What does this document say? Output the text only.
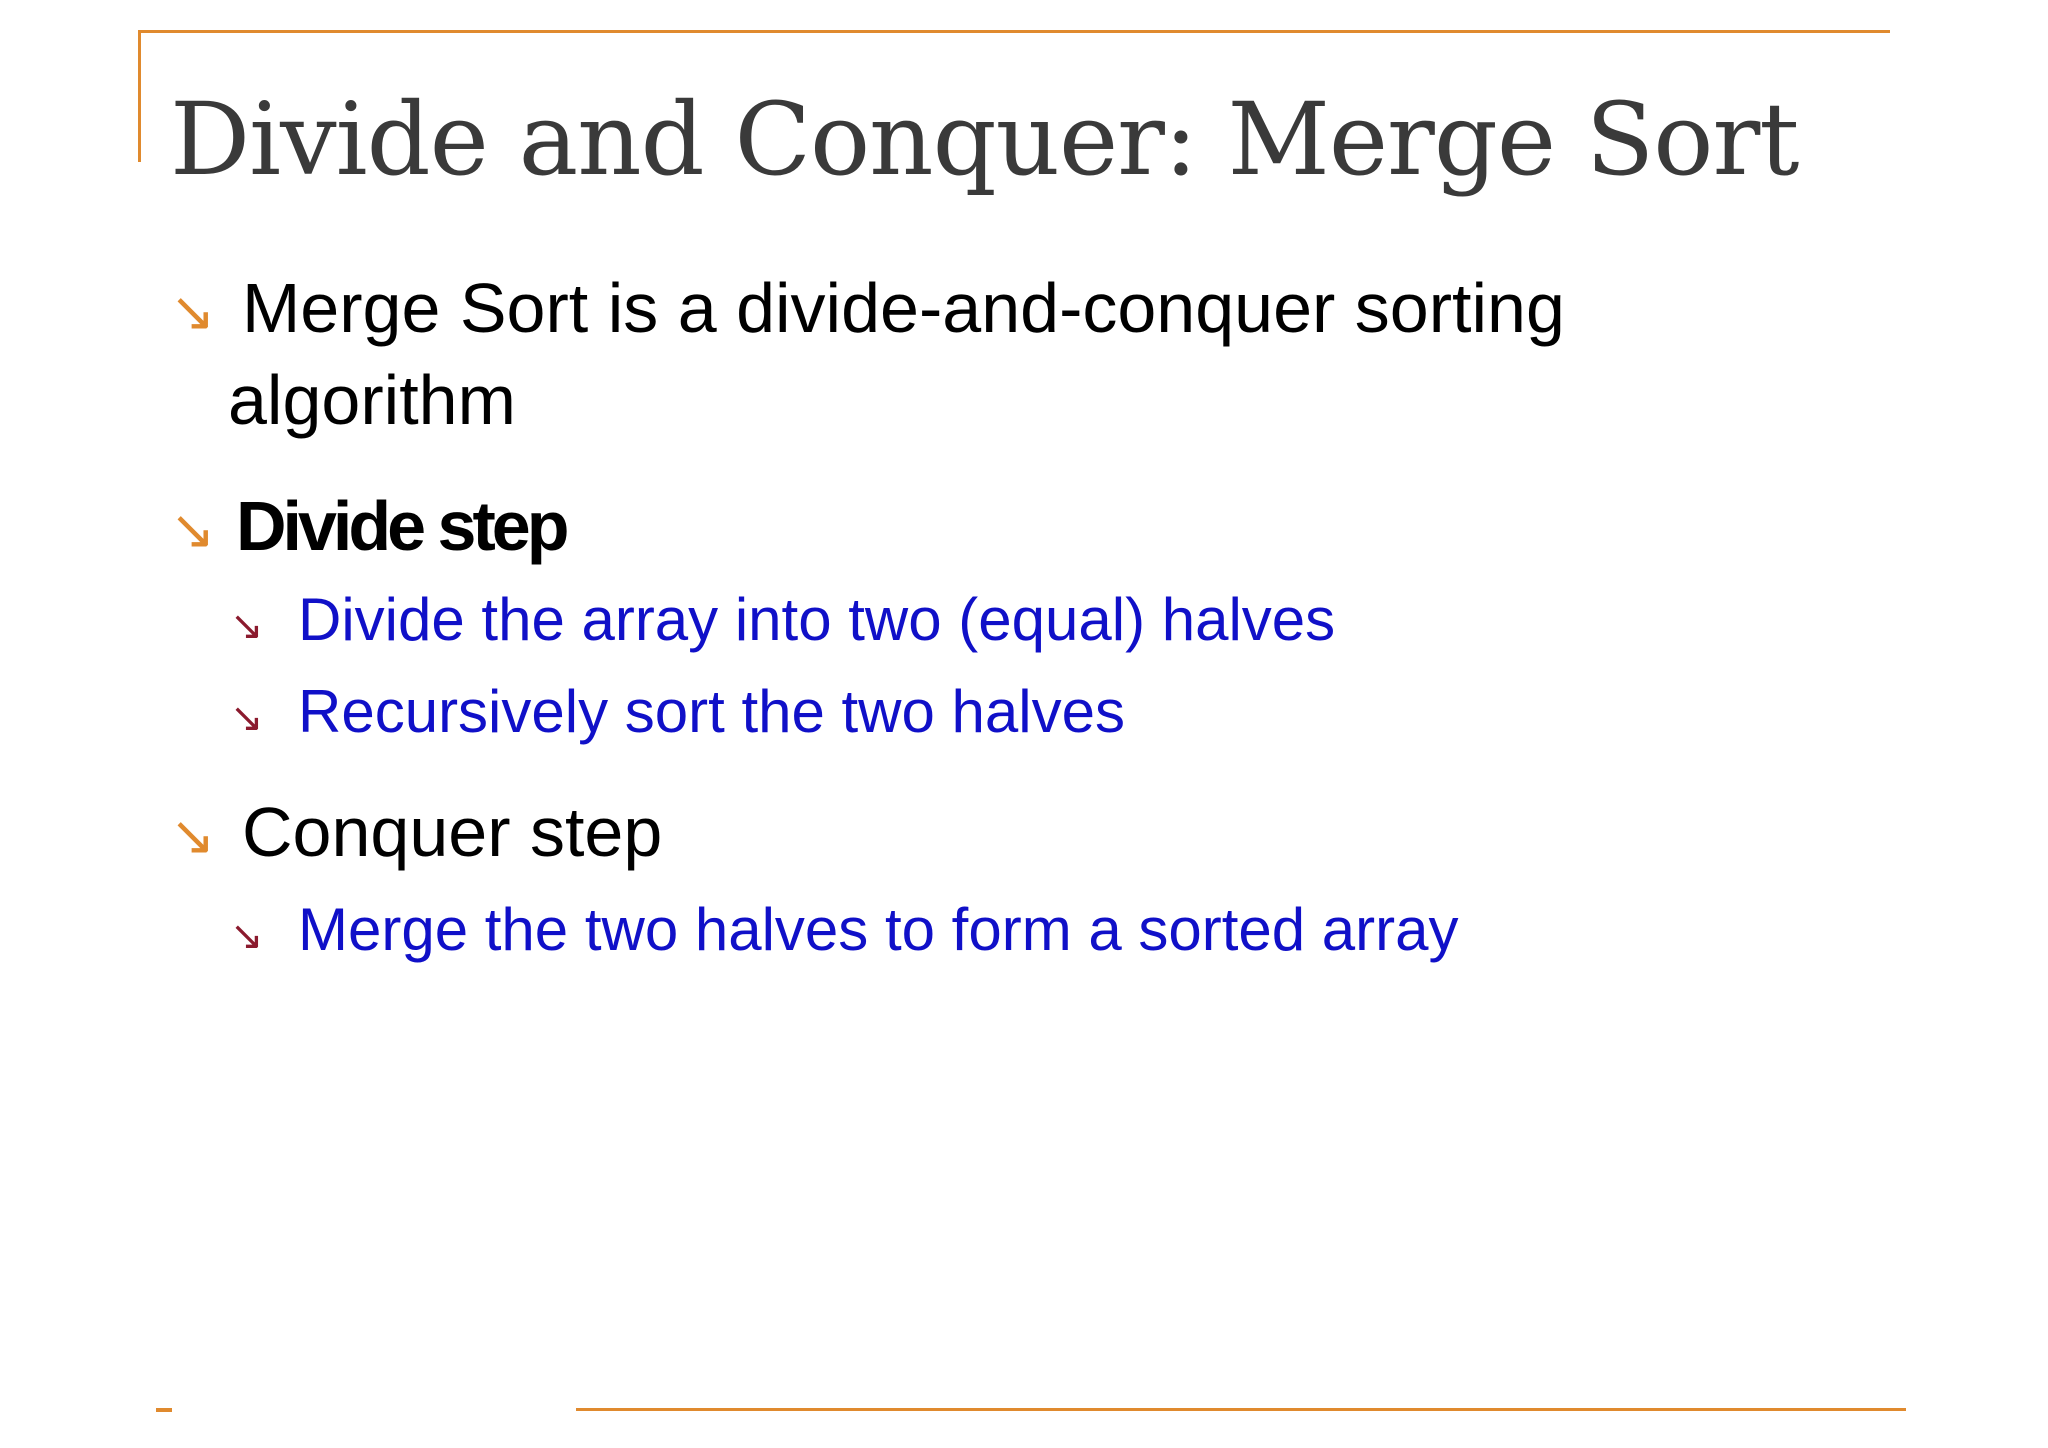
Divide and Conquer: Merge Sort
↘ Merge Sort is a divide-and-conquer sorting algorithm
↘ Divide step
↘ Divide the array into two (equal) halves
↘ Recursively sort the two halves
↘ Conquer step
↘ Merge the two halves to form a sorted array
